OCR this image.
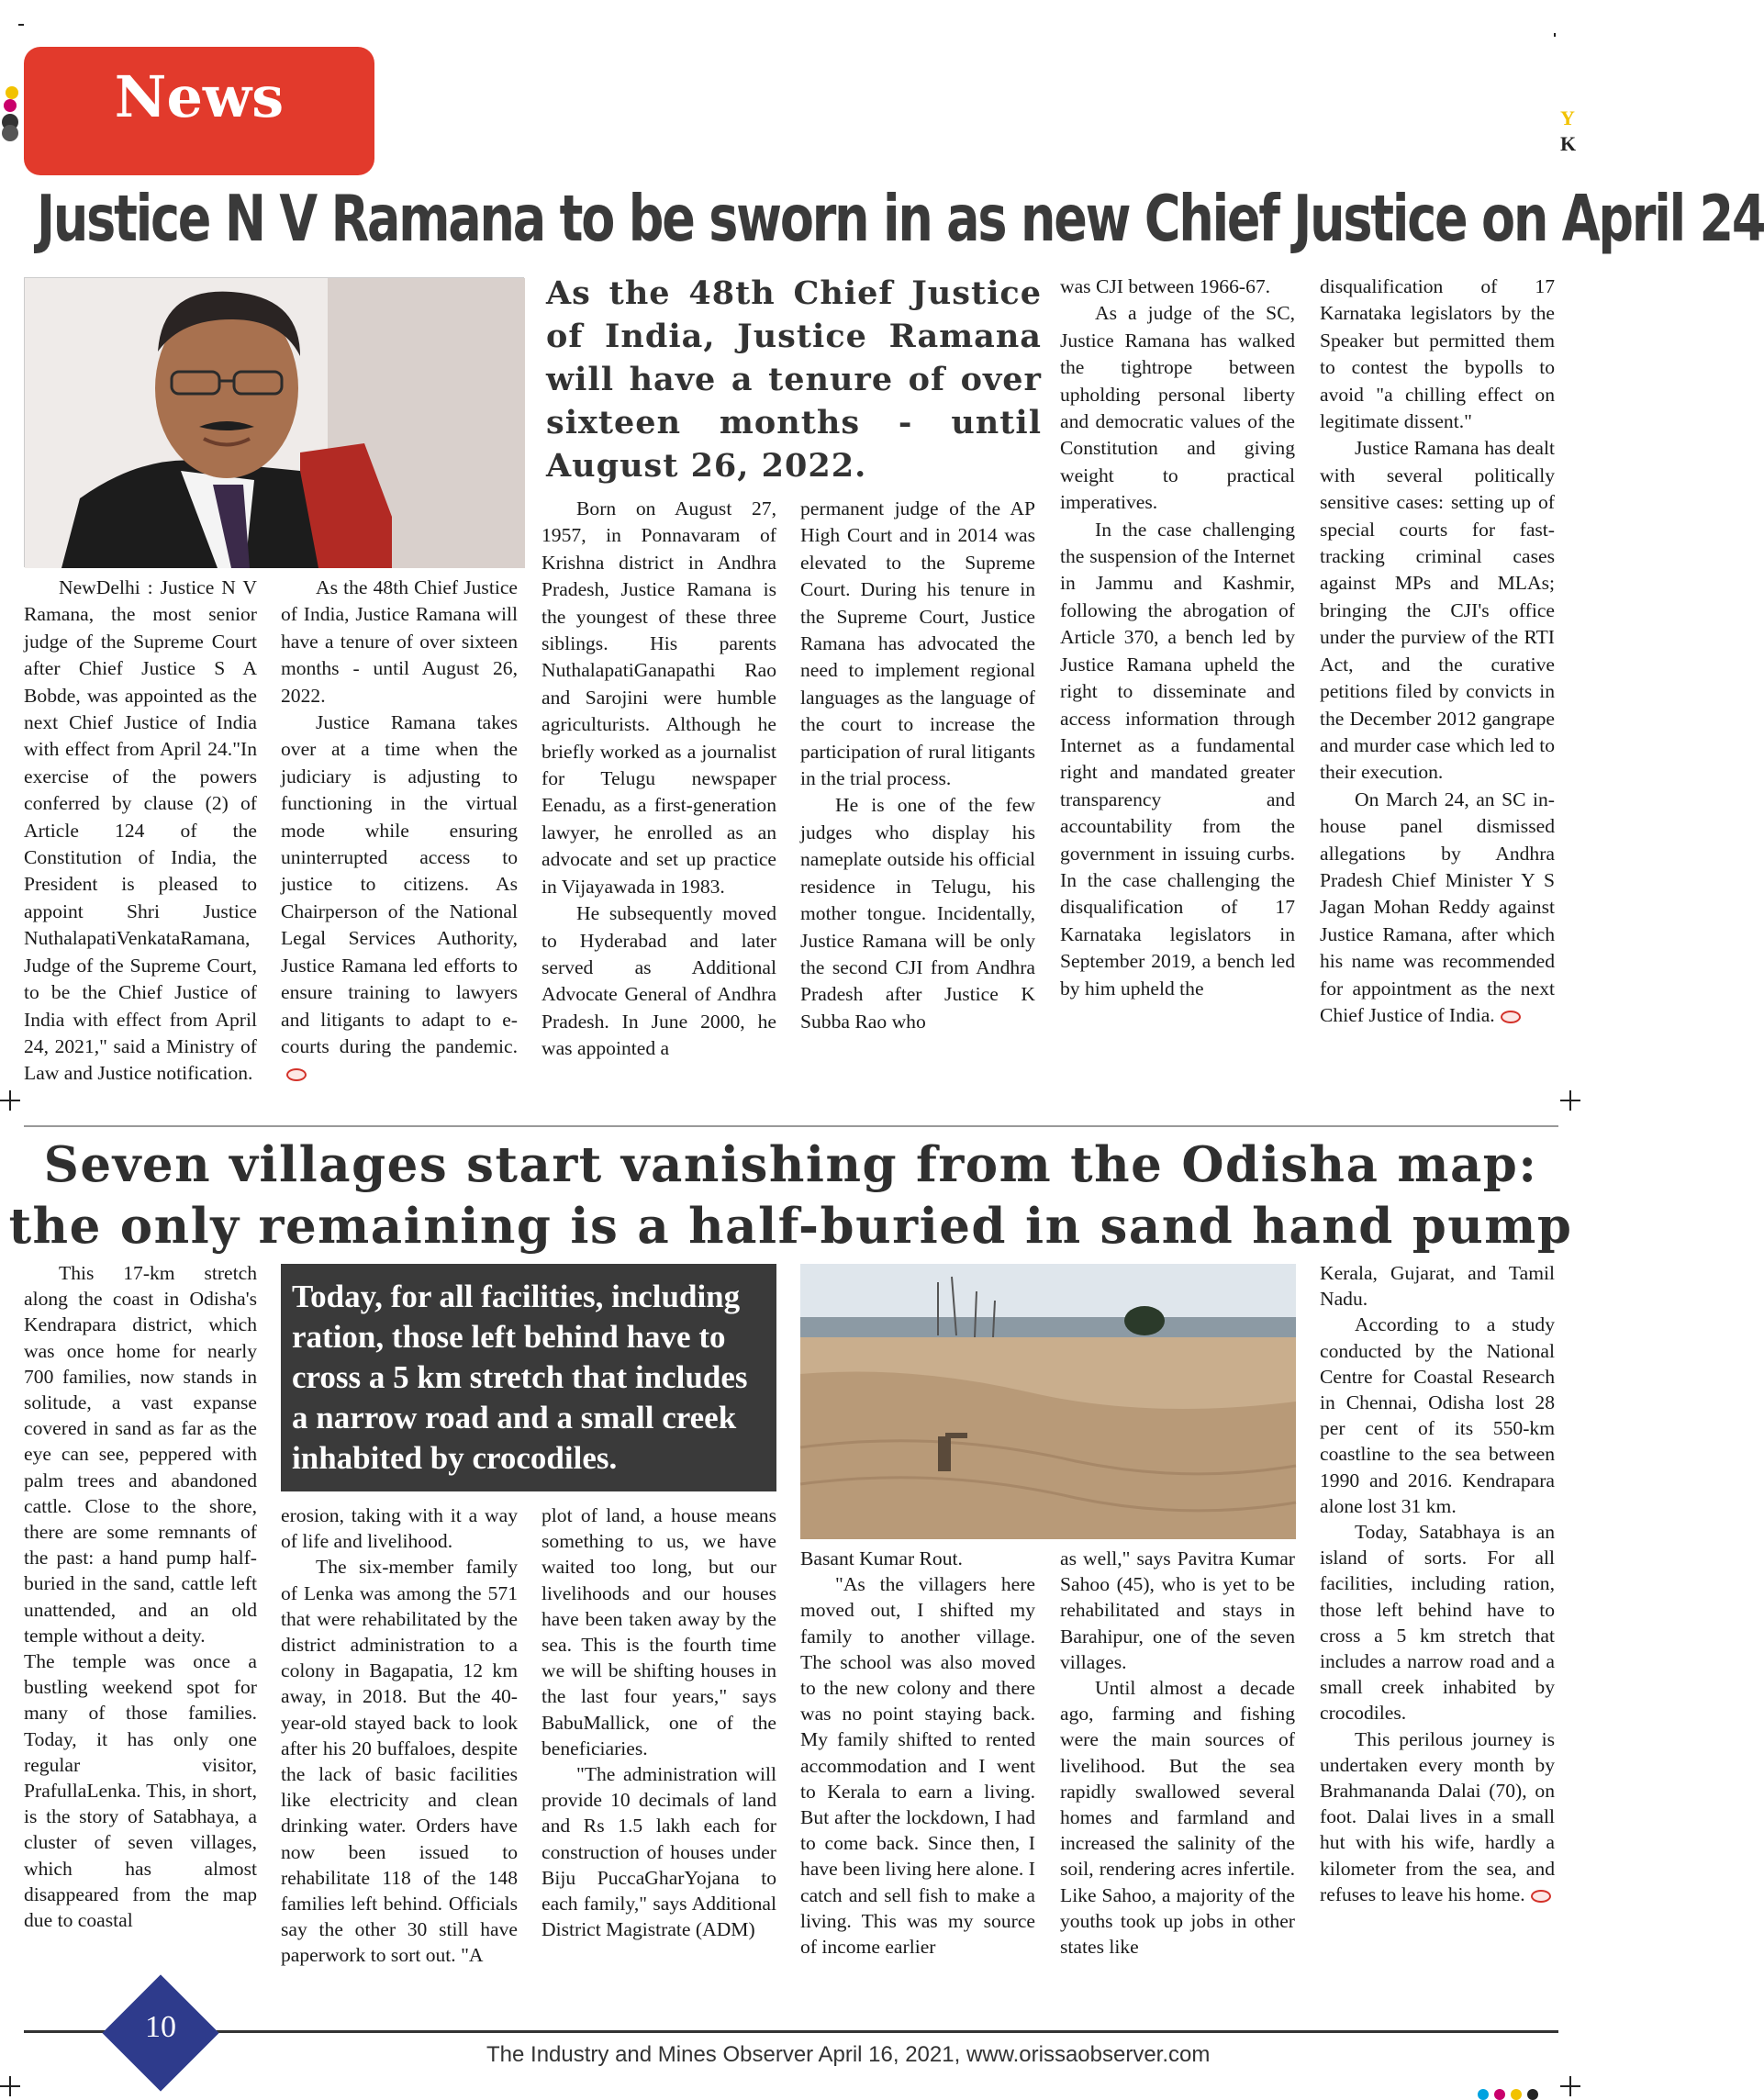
Y
K
News
Justice N V Ramana to be sworn in as new Chief Justice on April 24
As the 48th Chief Justice of India, Justice Ramana will have a tenure of over sixteen months - until August 26, 2022.

NewDelhi : Justice N V Ramana, the most senior judge of the Supreme Court after Chief Justice S A Bobde, was appointed as the next Chief Justice of India with effect from April 24."In exercise of the powers conferred by clause (2) of Article 124 of the Constitution of India, the President is pleased to appoint Shri Justice NuthalapatiVenkataRamana, Judge of the Supreme Court, to be the Chief Justice of India with effect from April 24, 2021," said a Ministry of Law and Justice notification.

As the 48th Chief Justice of India, Justice Ramana will have a tenure of over sixteen months - until August 26, 2022.

Justice Ramana takes over at a time when the judiciary is adjusting to functioning in the virtual mode while ensuring uninterrupted access to justice to citizens. As Chairperson of the National Legal Services Authority, Justice Ramana led efforts to ensure training to lawyers and litigants to adapt to e-courts during the pandemic.

Born on August 27, 1957, in Ponnavaram of Krishna district in Andhra Pradesh, Justice Ramana is the youngest of these three siblings. His parents NuthalapatiGanapathi Rao and Sarojini were humble agriculturists. Although he briefly worked as a journalist for Telugu newspaper Eenadu, as a first-generation lawyer, he enrolled as an advocate and set up practice in Vijayawada in 1983.

He subsequently moved to Hyderabad and later served as Additional Advocate General of Andhra Pradesh. In June 2000, he was appointed a

permanent judge of the AP High Court and in 2014 was elevated to the Supreme Court. During his tenure in the Supreme Court, Justice Ramana has advocated the need to implement regional languages as the language of the court to increase the participation of rural litigants in the trial process.

He is one of the few judges who display his nameplate outside his official residence in Telugu, his mother tongue. Incidentally, Justice Ramana will be only the second CJI from Andhra Pradesh after Justice K Subba Rao who

was CJI between 1966-67.

As a judge of the SC, Justice Ramana has walked the tightrope between upholding personal liberty and democratic values of the Constitution and giving weight to practical imperatives.

In the case challenging the suspension of the Internet in Jammu and Kashmir, following the abrogation of Article 370, a bench led by Justice Ramana upheld the right to disseminate and access information through Internet as a fundamental right and mandated greater transparency and accountability from the government in issuing curbs. In the case challenging the disqualification of 17 Karnataka legislators in September 2019, a bench led by him upheld the

disqualification of 17 Karnataka legislators by the Speaker but permitted them to contest the bypolls to avoid "a chilling effect on legitimate dissent."

Justice Ramana has dealt with several politically sensitive cases: setting up of special courts for fast-tracking criminal cases against MPs and MLAs; bringing the CJI's office under the purview of the RTI Act, and the curative petitions filed by convicts in the December 2012 gangrape and murder case which led to their execution.

On March 24, an SC in-house panel dismissed allegations by Andhra Pradesh Chief Minister Y S Jagan Mohan Reddy against Justice Ramana, after which his name was recommended for appointment as the next Chief Justice of India.

Seven villages start vanishing from the Odisha map:
the only remaining is a half-buried in sand hand pump
Today, for all facilities, including ration, those left behind have to cross a 5 km stretch that includes a narrow road and a small creek inhabited by crocodiles.

This 17-km stretch along the coast in Odisha's Kendrapara district, which was once home for nearly 700 families, now stands in solitude, a vast expanse covered in sand as far as the eye can see, peppered with palm trees and abandoned cattle. Close to the shore, there are some remnants of the past: a hand pump half-buried in the sand, cattle left unattended, and an old temple without a deity.

The temple was once a bustling weekend spot for many of those families. Today, it has only one regular visitor, PrafullaLenka. This, in short, is the story of Satabhaya, a cluster of seven villages, which has almost disappeared from the map due to coastal

erosion, taking with it a way of life and livelihood.

The six-member family of Lenka was among the 571 that were rehabilitated by the district administration to a colony in Bagapatia, 12 km away, in 2018. But the 40-year-old stayed back to look after his 20 buffaloes, despite the lack of basic facilities like electricity and clean drinking water. Orders have now been issued to rehabilitate 118 of the 148 families left behind. Officials say the other 30 still have paperwork to sort out. "A

plot of land, a house means something to us, we have waited too long, but our livelihoods and our houses have been taken away by the sea. This is the fourth time we will be shifting houses in the last four years," says BabuMallick, one of the beneficiaries.

"The administration will provide 10 decimals of land and Rs 1.5 lakh each for construction of houses under Biju PuccaGharYojana to each family," says Additional District Magistrate (ADM)

Basant Kumar Rout.

"As the villagers here moved out, I shifted my family to another village. The school was also moved to the new colony and there was no point staying back. My family shifted to rented accommodation and I went to Kerala to earn a living. But after the lockdown, I had to come back. Since then, I have been living here alone. I catch and sell fish to make a living. This was my source of income earlier

as well," says Pavitra Kumar Sahoo (45), who is yet to be rehabilitated and stays in Barahipur, one of the seven villages.

Until almost a decade ago, farming and fishing were the main sources of livelihood. But the sea rapidly swallowed several homes and farmland and increased the salinity of the soil, rendering acres infertile. Like Sahoo, a majority of the youths took up jobs in other states like

Kerala, Gujarat, and Tamil Nadu.

According to a study conducted by the National Centre for Coastal Research in Chennai, Odisha lost 28 per cent of its 550-km coastline to the sea between 1990 and 2016. Kendrapara alone lost 31 km.

Today, Satabhaya is an island of sorts. For all facilities, including ration, those left behind have to cross a 5 km stretch that includes a narrow road and a small creek inhabited by crocodiles.

This perilous journey is undertaken every month by Brahmananda Dalai (70), on foot. Dalai lives in a small hut with his wife, hardly a kilometer from the sea, and refuses to leave his home.

10
The Industry and Mines Observer April 16, 2021, www.orissaobserver.com
